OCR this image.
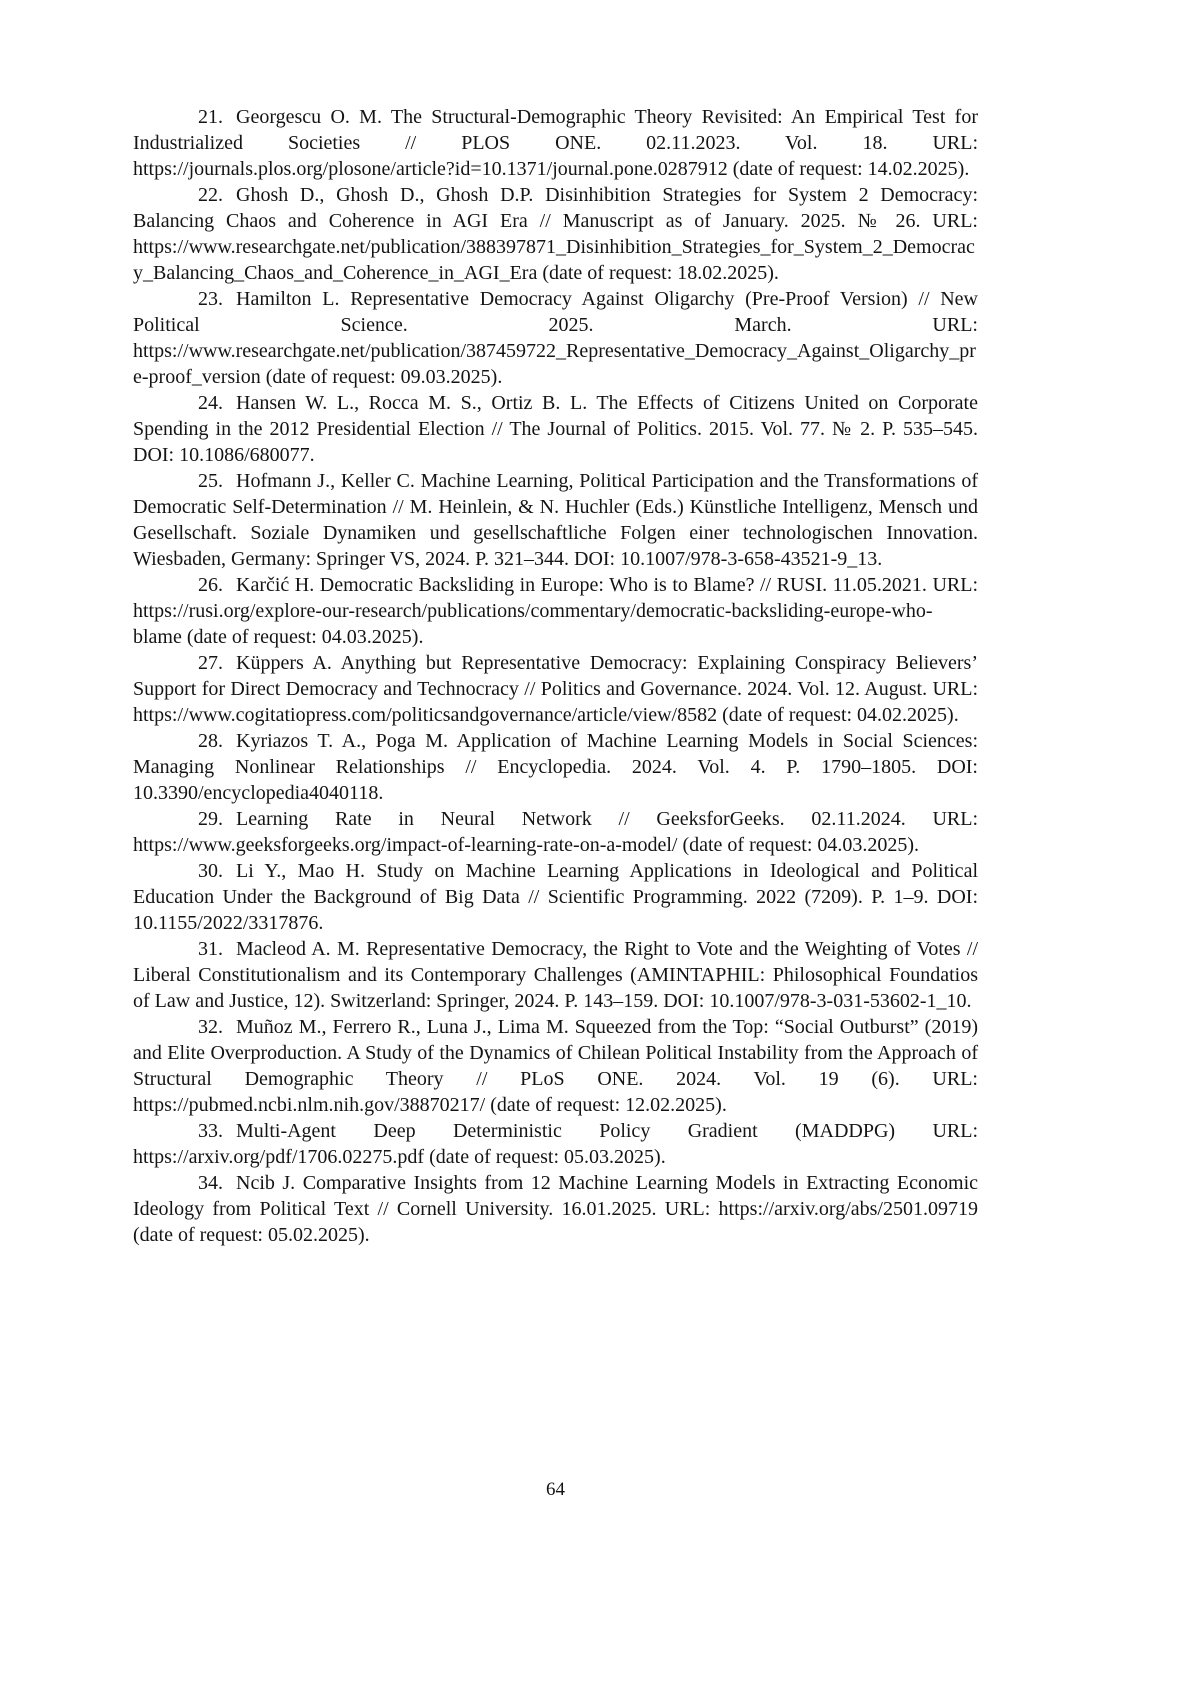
21. Georgescu O. M. The Structural-Demographic Theory Revisited: An Empirical Test for Industrialized Societies // PLOS ONE. 02.11.2023. Vol. 18. URL: https://journals.plos.org/plosone/article?id=10.1371/journal.pone.0287912 (date of request: 14.02.2025).

22. Ghosh D., Ghosh D., Ghosh D.P. Disinhibition Strategies for System 2 Democracy: Balancing Chaos and Coherence in AGI Era // Manuscript as of January. 2025. № 26. URL: https://www.researchgate.net/publication/388397871_Disinhibition_Strategies_for_System_2_Democracy_Balancing_Chaos_and_Coherence_in_AGI_Era (date of request: 18.02.2025).

23. Hamilton L. Representative Democracy Against Oligarchy (Pre-Proof Version) // New Political Science. 2025. March. URL: https://www.researchgate.net/publication/387459722_Representative_Democracy_Against_Oligarchy_pre-proof_version (date of request: 09.03.2025).

24. Hansen W. L., Rocca M. S., Ortiz B. L. The Effects of Citizens United on Corporate Spending in the 2012 Presidential Election // The Journal of Politics. 2015. Vol. 77. № 2. P. 535–545. DOI: 10.1086/680077.

25. Hofmann J., Keller C. Machine Learning, Political Participation and the Transformations of Democratic Self-Determination // M. Heinlein, & N. Huchler (Eds.) Künstliche Intelligenz, Mensch und Gesellschaft. Soziale Dynamiken und gesellschaftliche Folgen einer technologischen Innovation. Wiesbaden, Germany: Springer VS, 2024. P. 321–344. DOI: 10.1007/978-3-658-43521-9_13.

26. Karčić H. Democratic Backsliding in Europe: Who is to Blame? // RUSI. 11.05.2021. URL: https://rusi.org/explore-our-research/publications/commentary/democratic-backsliding-europe-who-blame (date of request: 04.03.2025).

27. Küppers A. Anything but Representative Democracy: Explaining Conspiracy Believers’ Support for Direct Democracy and Technocracy // Politics and Governance. 2024. Vol. 12. August. URL: https://www.cogitatiopress.com/politicsandgovernance/article/view/8582 (date of request: 04.02.2025).

28. Kyriazos T. A., Poga M. Application of Machine Learning Models in Social Sciences: Managing Nonlinear Relationships // Encyclopedia. 2024. Vol. 4. P. 1790–1805. DOI: 10.3390/encyclopedia4040118.

29. Learning Rate in Neural Network // GeeksforGeeks. 02.11.2024. URL: https://www.geeksforgeeks.org/impact-of-learning-rate-on-a-model/ (date of request: 04.03.2025).

30. Li Y., Mao H. Study on Machine Learning Applications in Ideological and Political Education Under the Background of Big Data // Scientific Programming. 2022 (7209). P. 1–9. DOI: 10.1155/2022/3317876.

31. Macleod A. M. Representative Democracy, the Right to Vote and the Weighting of Votes // Liberal Constitutionalism and its Contemporary Challenges (AMINTAPHIL: Philosophical Foundatios of Law and Justice, 12). Switzerland: Springer, 2024. P. 143–159. DOI: 10.1007/978-3-031-53602-1_10.

32. Muñoz M., Ferrero R., Luna J., Lima M. Squeezed from the Top: “Social Outburst” (2019) and Elite Overproduction. A Study of the Dynamics of Chilean Political Instability from the Approach of Structural Demographic Theory // PLoS ONE. 2024. Vol. 19 (6). URL: https://pubmed.ncbi.nlm.nih.gov/38870217/ (date of request: 12.02.2025).

33. Multi-Agent Deep Deterministic Policy Gradient (MADDPG) URL: https://arxiv.org/pdf/1706.02275.pdf (date of request: 05.03.2025).

34. Ncib J. Comparative Insights from 12 Machine Learning Models in Extracting Economic Ideology from Political Text // Cornell University. 16.01.2025. URL: https://arxiv.org/abs/2501.09719 (date of request: 05.02.2025).

64
